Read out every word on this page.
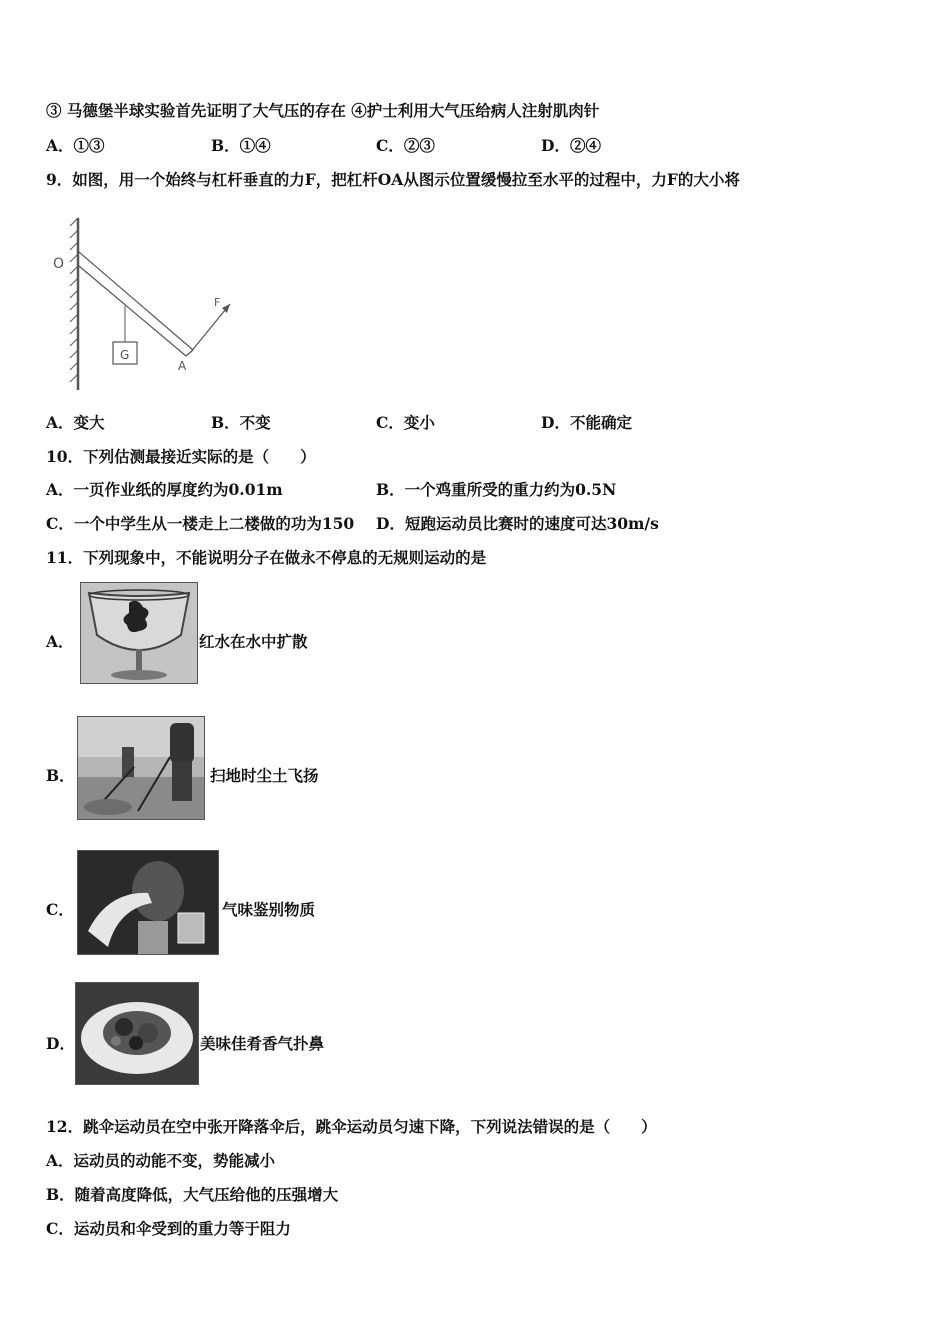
③ 马德堡半球实验首先证明了大气压的存在 ④护士利用大气压给病人注射肌肉针
A．①③	B．①④	C．②③	D．②④
9．如图，用一个始终与杠杆垂直的力F，把杠杆OA从图示位置缓慢拉至水平的过程中，力F的大小将
O
F
G
A
A．变大	B．不变	C．变小	D．不能确定
10．下列估测最接近实际的是（　　）
A．一页作业纸的厚度约为0.01m	B．一个鸡重所受的重力约为0.5N
C．一个中学生从一楼走上二楼做的功为150 D．短跑运动员比赛时的速度可达30m/s
11．下列现象中，不能说明分子在做永不停息的无规则运动的是
A．	红水在水中扩散
B．	扫地时尘土飞扬
C．	气味鉴别物质
D．	美味佳肴香气扑鼻
12．跳伞运动员在空中张开降落伞后，跳伞运动员匀速下降，下列说法错误的是（　　）
A．运动员的动能不变，势能减小
B．随着高度降低，大气压给他的压强增大
C．运动员和伞受到的重力等于阻力
